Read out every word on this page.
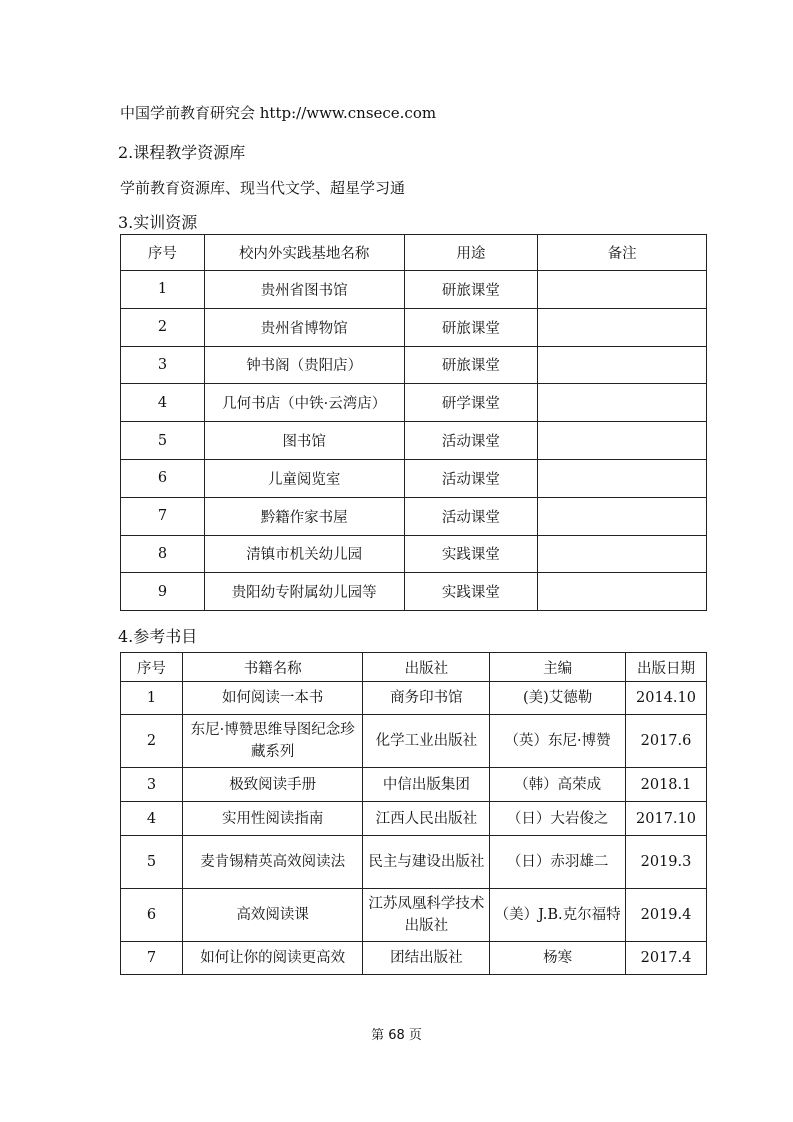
中国学前教育研究会 http://www.cnsece.com
2.课程教学资源库
学前教育资源库、现当代文学、超星学习通
3.实训资源
序号	校内外实践基地名称	用途	备注
1	贵州省图书馆	研旅课堂	
2	贵州省博物馆	研旅课堂	
3	钟书阁（贵阳店）	研旅课堂	
4	几何书店（中铁·云湾店）	研学课堂	
5	图书馆	活动课堂	
6	儿童阅览室	活动课堂	
7	黔籍作家书屋	活动课堂	
8	清镇市机关幼儿园	实践课堂	
9	贵阳幼专附属幼儿园等	实践课堂	
4.参考书目
序号	书籍名称	出版社	主编	出版日期
1	如何阅读一本书	商务印书馆	(美)艾德勒	2014.10
2	东尼·博赞思维导图纪念珍藏系列	化学工业出版社	（英）东尼·博赞	2017.6
3	极致阅读手册	中信出版集团	（韩）高荣成	2018.1
4	实用性阅读指南	江西人民出版社	（日）大岩俊之	2017.10
5	麦肯锡精英高效阅读法	民主与建设出版社	（日）赤羽雄二	2019.3
6	高效阅读课	江苏凤凰科学技术出版社	（美）J.B.克尔福特	2019.4
7	如何让你的阅读更高效	团结出版社	杨寒	2017.4
第 68 页
